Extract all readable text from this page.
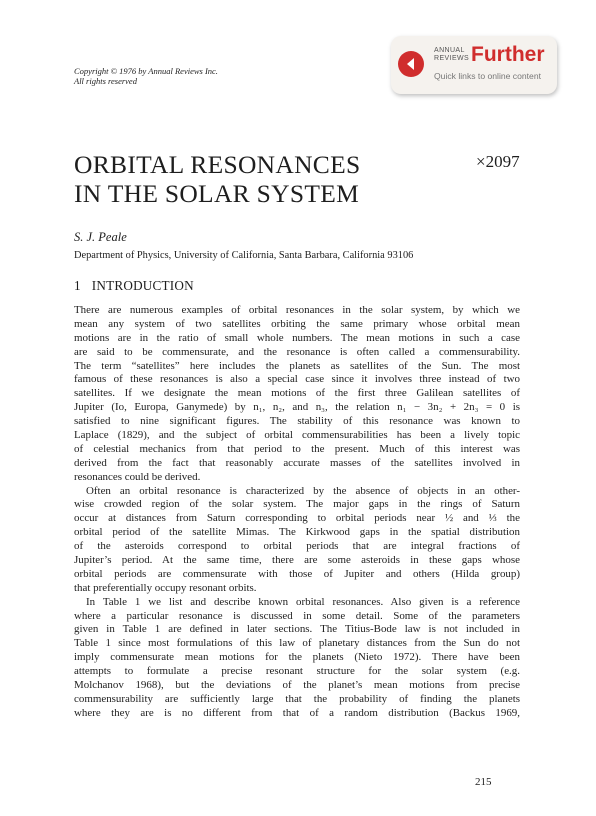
Copyright © 1976 by Annual Reviews Inc.
All rights reserved
ANNUAL
REVIEWS Further
Quick links to online content
ORBITAL RESONANCES
IN THE SOLAR SYSTEM
×2097
S. J. Peale
Department of Physics, University of California, Santa Barbara, California 93106
1 INTRODUCTION

There are numerous examples of orbital resonances in the solar system, by which we
mean any system of two satellites orbiting the same primary whose orbital mean
motions are in the ratio of small whole numbers. The mean motions in such a case
are said to be commensurate, and the resonance is often called a commensurability.
The term “satellites” here includes the planets as satellites of the Sun. The most
famous of these resonances is also a special case since it involves three instead of two
satellites. If we designate the mean motions of the first three Galilean satellites of
Jupiter (Io, Europa, Ganymede) by n₁, n₂, and n₃, the relation n₁ − 3n₂ + 2n₃ = 0 is
satisfied to nine significant figures. The stability of this resonance was known to
Laplace (1829), and the subject of orbital commensurabilities has been a lively topic
of celestial mechanics from that period to the present. Much of this interest was
derived from the fact that reasonably accurate masses of the satellites involved in
resonances could be derived.

Often an orbital resonance is characterized by the absence of objects in an other-
wise crowded region of the solar system. The major gaps in the rings of Saturn
occur at distances from Saturn corresponding to orbital periods near ½ and ⅓ the
orbital period of the satellite Mimas. The Kirkwood gaps in the spatial distribution
of the asteroids correspond to orbital periods that are integral fractions of
Jupiter’s period. At the same time, there are some asteroids in these gaps whose
orbital periods are commensurate with those of Jupiter and others (Hilda group)
that preferentially occupy resonant orbits.

In Table 1 we list and describe known orbital resonances. Also given is a reference
where a particular resonance is discussed in some detail. Some of the parameters
given in Table 1 are defined in later sections. The Titius-Bode law is not included in
Table 1 since most formulations of this law of planetary distances from the Sun do not
imply commensurate mean motions for the planets (Nieto 1972). There have been
attempts to formulate a precise resonant structure for the solar system (e.g.
Molchanov 1968), but the deviations of the planet’s mean motions from precise
commensurability are sufficiently large that the probability of finding the planets
where they are is no different from that of a random distribution (Backus 1969,

215
